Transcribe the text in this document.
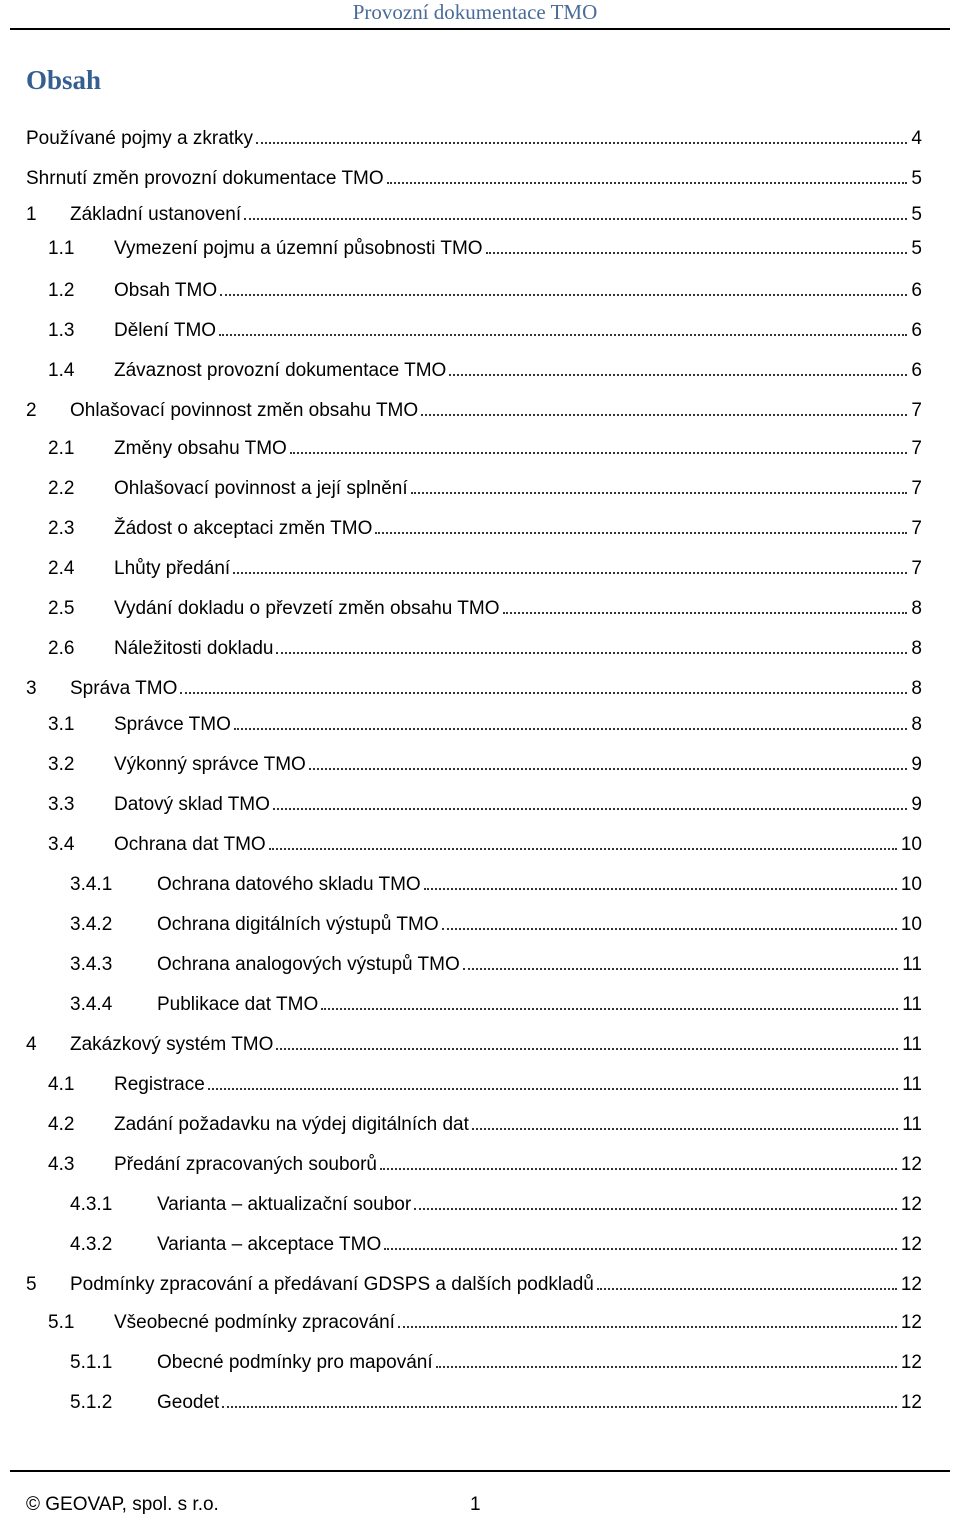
Provozní dokumentace TMO
Obsah
Používané pojmy a zkratky	4
Shrnutí změn provozní dokumentace TMO	5
1	Základní ustanovení	5
1.1	Vymezení pojmu a územní působnosti TMO	5
1.2	Obsah TMO	6
1.3	Dělení TMO	6
1.4	Závaznost provozní dokumentace TMO	6
2	Ohlašovací povinnost změn obsahu TMO	7
2.1	Změny obsahu TMO	7
2.2	Ohlašovací povinnost a její splnění	7
2.3	Žádost o akceptaci změn TMO	7
2.4	Lhůty předání	7
2.5	Vydání dokladu o převzetí změn obsahu TMO	8
2.6	Náležitosti dokladu	8
3	Správa TMO	8
3.1	Správce TMO	8
3.2	Výkonný správce TMO	9
3.3	Datový sklad TMO	9
3.4	Ochrana dat TMO	10
3.4.1	Ochrana datového skladu TMO	10
3.4.2	Ochrana digitálních výstupů TMO	10
3.4.3	Ochrana analogových výstupů TMO	11
3.4.4	Publikace dat TMO	11
4	Zakázkový systém TMO	11
4.1	Registrace	11
4.2	Zadání požadavku na výdej digitálních dat	11
4.3	Předání zpracovaných souborů	12
4.3.1	Varianta – aktualizační soubor	12
4.3.2	Varianta – akceptace TMO	12
5	Podmínky zpracování a předávaní GDSPS a dalších podkladů	12
5.1	Všeobecné podmínky zpracování	12
5.1.1	Obecné podmínky pro mapování	12
5.1.2	Geodet	12
© GEOVAP, spol. s r.o.	1
